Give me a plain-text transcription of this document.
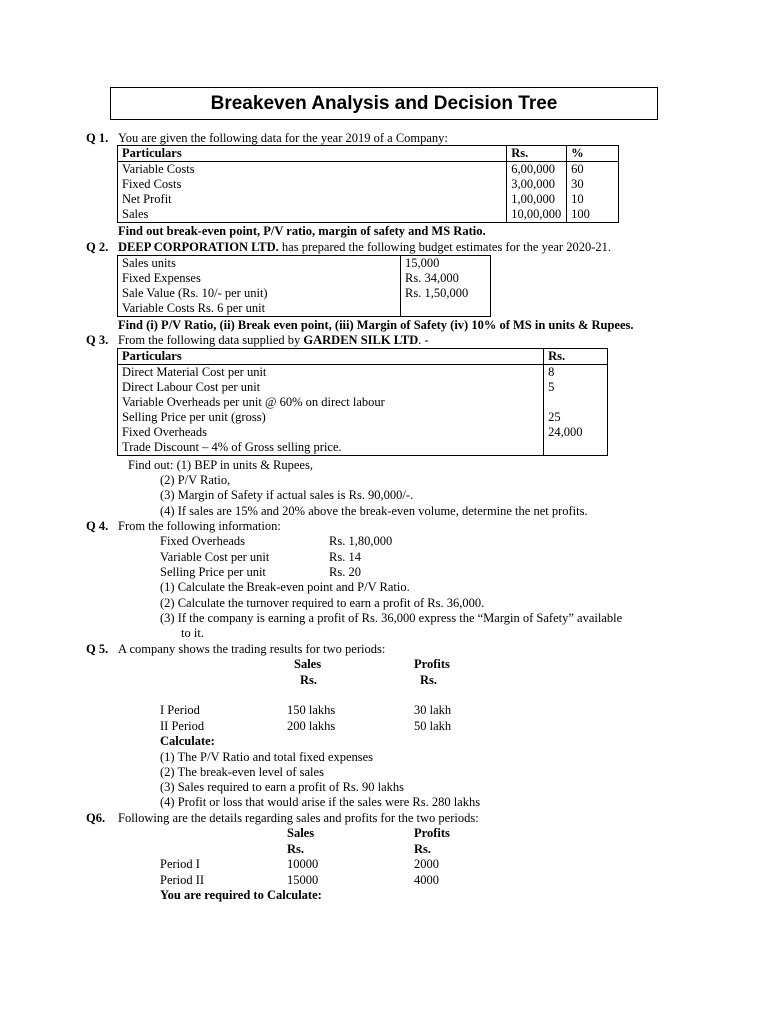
Breakeven Analysis and Decision Tree
Q 1. You are given the following data for the year 2019 of a Company:
Particulars	Rs.	%
Variable Costs	6,00,000	60
Fixed Costs	3,00,000	30
Net Profit	1,00,000	10
Sales	10,00,000	100
Find out break-even point, P/V ratio, margin of safety and MS Ratio.
Q 2. DEEP CORPORATION LTD. has prepared the following budget estimates for the year 2020-21.
Sales units	15,000
Fixed Expenses	Rs. 34,000
Sale Value (Rs. 10/- per unit)	Rs. 1,50,000
Variable Costs Rs. 6 per unit	
Find (i) P/V Ratio, (ii) Break even point, (iii) Margin of Safety (iv) 10% of MS in units & Rupees.
Q 3. From the following data supplied by GARDEN SILK LTD. -
Particulars	Rs.
Direct Material Cost per unit	8
Direct Labour Cost per unit	5
Variable Overheads per unit @ 60% on direct labour	
Selling Price per unit (gross)	25
Fixed Overheads	24,000
Trade Discount – 4% of Gross selling price.	
Find out: (1) BEP in units & Rupees,
(2) P/V Ratio,
(3) Margin of Safety if actual sales is Rs. 90,000/-.
(4) If sales are 15% and 20% above the break-even volume, determine the net profits.
Q 4. From the following information:
Fixed Overheads	Rs. 1,80,000
Variable Cost per unit	Rs. 14
Selling Price per unit	Rs. 20
(1) Calculate the Break-even point and P/V Ratio.
(2) Calculate the turnover required to earn a profit of Rs. 36,000.
(3) If the company is earning a profit of Rs. 36,000 express the “Margin of Safety” available
to it.
Q 5. A company shows the trading results for two periods:
Sales	Profits
Rs.	Rs.
I Period	150 lakhs	30 lakh
II Period	200 lakhs	50 lakh
Calculate:
(1) The P/V Ratio and total fixed expenses
(2) The break-even level of sales
(3) Sales required to earn a profit of Rs. 90 lakhs
(4) Profit or loss that would arise if the sales were Rs. 280 lakhs
Q6. Following are the details regarding sales and profits for the two periods:
Sales	Profits
Rs.	Rs.
Period I	10000	2000
Period II	15000	4000
You are required to Calculate:
